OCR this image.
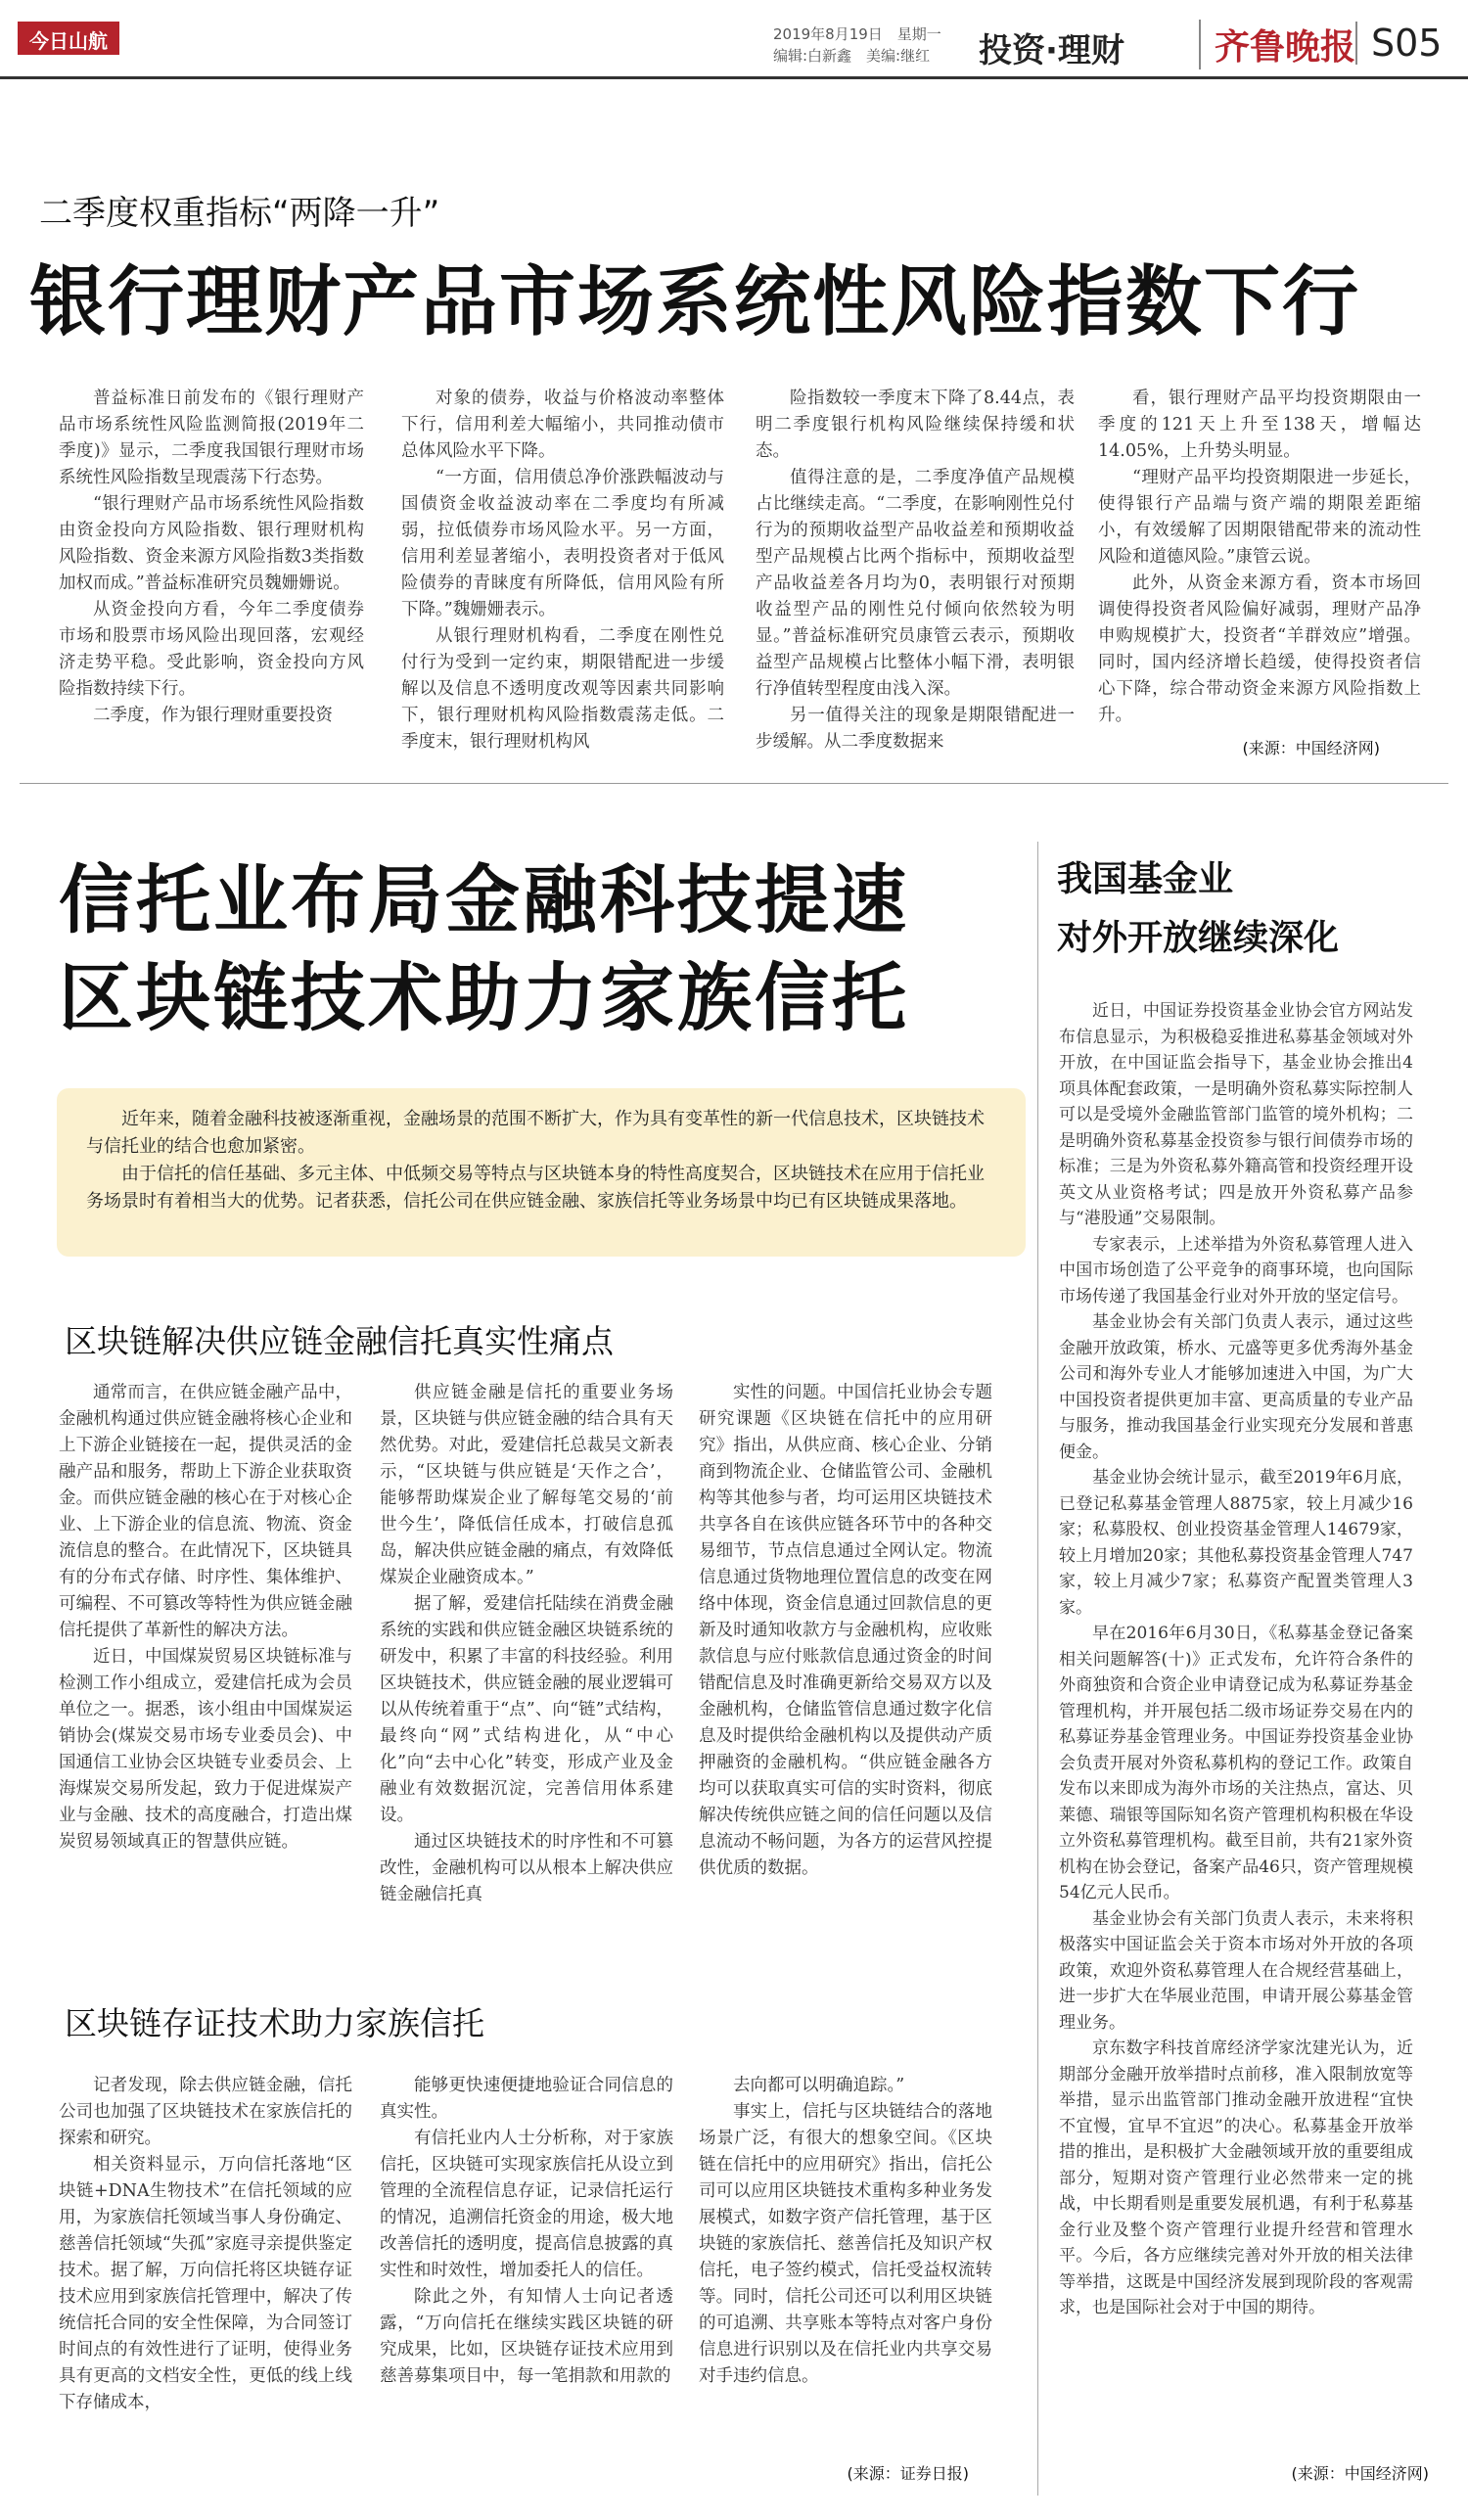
今日山航	2019年8月19日　星期一
编辑:白新鑫　美编:继红	投资·理财	齐鲁晚报 S05
二季度权重指标“两降一升”
银行理财产品市场系统性风险指数下行

普益标准日前发布的《银行理财产品市场系统性风险监测简报(2019年二季度)》显示，二季度我国银行理财市场系统性风险指数呈现震荡下行态势。

“银行理财产品市场系统性风险指数由资金投向方风险指数、银行理财机构风险指数、资金来源方风险指数3类指数加权而成。”普益标准研究员魏姗姗说。

从资金投向方看，今年二季度债券市场和股票市场风险出现回落，宏观经济走势平稳。受此影响，资金投向方风险指数持续下行。

二季度，作为银行理财重要投资

对象的债券，收益与价格波动率整体下行，信用利差大幅缩小，共同推动债市总体风险水平下降。

“一方面，信用债总净价涨跌幅波动与国债资金收益波动率在二季度均有所减弱，拉低债券市场风险水平。另一方面，信用利差显著缩小，表明投资者对于低风险债券的青睐度有所降低，信用风险有所下降。”魏姗姗表示。

从银行理财机构看，二季度在刚性兑付行为受到一定约束，期限错配进一步缓解以及信息不透明度改观等因素共同影响下，银行理财机构风险指数震荡走低。二季度末，银行理财机构风

险指数较一季度末下降了8.44点，表明二季度银行机构风险继续保持缓和状态。

值得注意的是，二季度净值产品规模占比继续走高。“二季度，在影响刚性兑付行为的预期收益型产品收益差和预期收益型产品规模占比两个指标中，预期收益型产品收益差各月均为0，表明银行对预期收益型产品的刚性兑付倾向依然较为明显。”普益标准研究员康管云表示，预期收益型产品规模占比整体小幅下滑，表明银行净值转型程度由浅入深。

另一值得关注的现象是期限错配进一步缓解。从二季度数据来

看，银行理财产品平均投资期限由一季度的121天上升至138天，增幅达14.05%，上升势头明显。

“理财产品平均投资期限进一步延长，使得银行产品端与资产端的期限差距缩小，有效缓解了因期限错配带来的流动性风险和道德风险。”康管云说。

此外，从资金来源方看，资本市场回调使得投资者风险偏好减弱，理财产品净申购规模扩大，投资者“羊群效应”增强。同时，国内经济增长趋缓，使得投资者信心下降，综合带动资金来源方风险指数上升。

(来源：中国经济网)
信托业布局金融科技提速
区块链技术助力家族信托

近年来，随着金融科技被逐渐重视，金融场景的范围不断扩大，作为具有变革性的新一代信息技术，区块链技术与信托业的结合也愈加紧密。

由于信托的信任基础、多元主体、中低频交易等特点与区块链本身的特性高度契合，区块链技术在应用于信托业务场景时有着相当大的优势。记者获悉，信托公司在供应链金融、家族信托等业务场景中均已有区块链成果落地。

区块链解决供应链金融信托真实性痛点

通常而言，在供应链金融产品中，金融机构通过供应链金融将核心企业和上下游企业链接在一起，提供灵活的金融产品和服务，帮助上下游企业获取资金。而供应链金融的核心在于对核心企业、上下游企业的信息流、物流、资金流信息的整合。在此情况下，区块链具有的分布式存储、时序性、集体维护、可编程、不可篡改等特性为供应链金融信托提供了革新性的解决方法。

近日，中国煤炭贸易区块链标准与检测工作小组成立，爱建信托成为会员单位之一。据悉，该小组由中国煤炭运销协会(煤炭交易市场专业委员会)、中国通信工业协会区块链专业委员会、上海煤炭交易所发起，致力于促进煤炭产业与金融、技术的高度融合，打造出煤炭贸易领域真正的智慧供应链。

供应链金融是信托的重要业务场景，区块链与供应链金融的结合具有天然优势。对此，爱建信托总裁吴文新表示，“区块链与供应链是‘天作之合’，能够帮助煤炭企业了解每笔交易的‘前世今生’，降低信任成本，打破信息孤岛，解决供应链金融的痛点，有效降低煤炭企业融资成本。”

据了解，爱建信托陆续在消费金融系统的实践和供应链金融区块链系统的研发中，积累了丰富的科技经验。利用区块链技术，供应链金融的展业逻辑可以从传统着重于“点”、向“链”式结构，最终向“网”式结构进化，从“中心化”向“去中心化”转变，形成产业及金融业有效数据沉淀，完善信用体系建设。

通过区块链技术的时序性和不可篡改性，金融机构可以从根本上解决供应链金融信托真

实性的问题。中国信托业协会专题研究课题《区块链在信托中的应用研究》指出，从供应商、核心企业、分销商到物流企业、仓储监管公司、金融机构等其他参与者，均可运用区块链技术共享各自在该供应链各环节中的各种交易细节，节点信息通过全网认定。物流信息通过货物地理位置信息的改变在网络中体现，资金信息通过回款信息的更新及时通知收款方与金融机构，应收账款信息与应付账款信息通过资金的时间错配信息及时准确更新给交易双方以及金融机构，仓储监管信息通过数字化信息及时提供给金融机构以及提供动产质押融资的金融机构。“供应链金融各方均可以获取真实可信的实时资料，彻底解决传统供应链之间的信任问题以及信息流动不畅问题，为各方的运营风控提供优质的数据。

区块链存证技术助力家族信托

记者发现，除去供应链金融，信托公司也加强了区块链技术在家族信托的探索和研究。

相关资料显示，万向信托落地“区块链+DNA生物技术”在信托领域的应用，为家族信托领域当事人身份确定、慈善信托领域“失孤”家庭寻亲提供鉴定技术。据了解，万向信托将区块链存证技术应用到家族信托管理中，解决了传统信托合同的安全性保障，为合同签订时间点的有效性进行了证明，使得业务具有更高的文档安全性，更低的线上线下存储成本，

能够更快速便捷地验证合同信息的真实性。

有信托业内人士分析称，对于家族信托，区块链可实现家族信托从设立到管理的全流程信息存证，记录信托运行的情况，追溯信托资金的用途，极大地改善信托的透明度，提高信息披露的真实性和时效性，增加委托人的信任。

除此之外，有知情人士向记者透露，“万向信托在继续实践区块链的研究成果，比如，区块链存证技术应用到慈善募集项目中，每一笔捐款和用款的

去向都可以明确追踪。”

事实上，信托与区块链结合的落地场景广泛，有很大的想象空间。《区块链在信托中的应用研究》指出，信托公司可以应用区块链技术重构多种业务发展模式，如数字资产信托管理，基于区块链的家族信托、慈善信托及知识产权信托，电子签约模式，信托受益权流转等。同时，信托公司还可以利用区块链的可追溯、共享账本等特点对客户身份信息进行识别以及在信托业内共享交易对手违约信息。

(来源：证券日报)
我国基金业
对外开放继续深化

近日，中国证券投资基金业协会官方网站发布信息显示，为积极稳妥推进私募基金领域对外开放，在中国证监会指导下，基金业协会推出4项具体配套政策，一是明确外资私募实际控制人可以是受境外金融监管部门监管的境外机构；二是明确外资私募基金投资参与银行间债券市场的标准；三是为外资私募外籍高管和投资经理开设英文从业资格考试；四是放开外资私募产品参与“港股通”交易限制。

专家表示，上述举措为外资私募管理人进入中国市场创造了公平竞争的商事环境，也向国际市场传递了我国基金行业对外开放的坚定信号。

基金业协会有关部门负责人表示，通过这些金融开放政策，桥水、元盛等更多优秀海外基金公司和海外专业人才能够加速进入中国，为广大中国投资者提供更加丰富、更高质量的专业产品与服务，推动我国基金行业实现充分发展和普惠便金。

基金业协会统计显示，截至2019年6月底，已登记私募基金管理人8875家，较上月减少16家；私募股权、创业投资基金管理人14679家，较上月增加20家；其他私募投资基金管理人747家，较上月减少7家；私募资产配置类管理人3家。

早在2016年6月30日，《私募基金登记备案相关问题解答(十)》正式发布，允许符合条件的外商独资和合资企业申请登记成为私募证券基金管理机构，并开展包括二级市场证券交易在内的私募证券基金管理业务。中国证券投资基金业协会负责开展对外资私募机构的登记工作。政策自发布以来即成为海外市场的关注热点，富达、贝莱德、瑞银等国际知名资产管理机构积极在华设立外资私募管理机构。截至目前，共有21家外资机构在协会登记，备案产品46只，资产管理规模54亿元人民币。

基金业协会有关部门负责人表示，未来将积极落实中国证监会关于资本市场对外开放的各项政策，欢迎外资私募管理人在合规经营基础上，进一步扩大在华展业范围，申请开展公募基金管理业务。

京东数字科技首席经济学家沈建光认为，近期部分金融开放举措时点前移，准入限制放宽等举措，显示出监管部门推动金融开放进程“宜快不宜慢，宜早不宜迟”的决心。私募基金开放举措的推出，是积极扩大金融领域开放的重要组成部分，短期对资产管理行业必然带来一定的挑战，中长期看则是重要发展机遇，有利于私募基金行业及整个资产管理行业提升经营和管理水平。今后，各方应继续完善对外开放的相关法律等举措，这既是中国经济发展到现阶段的客观需求，也是国际社会对于中国的期待。

(来源：中国经济网)
